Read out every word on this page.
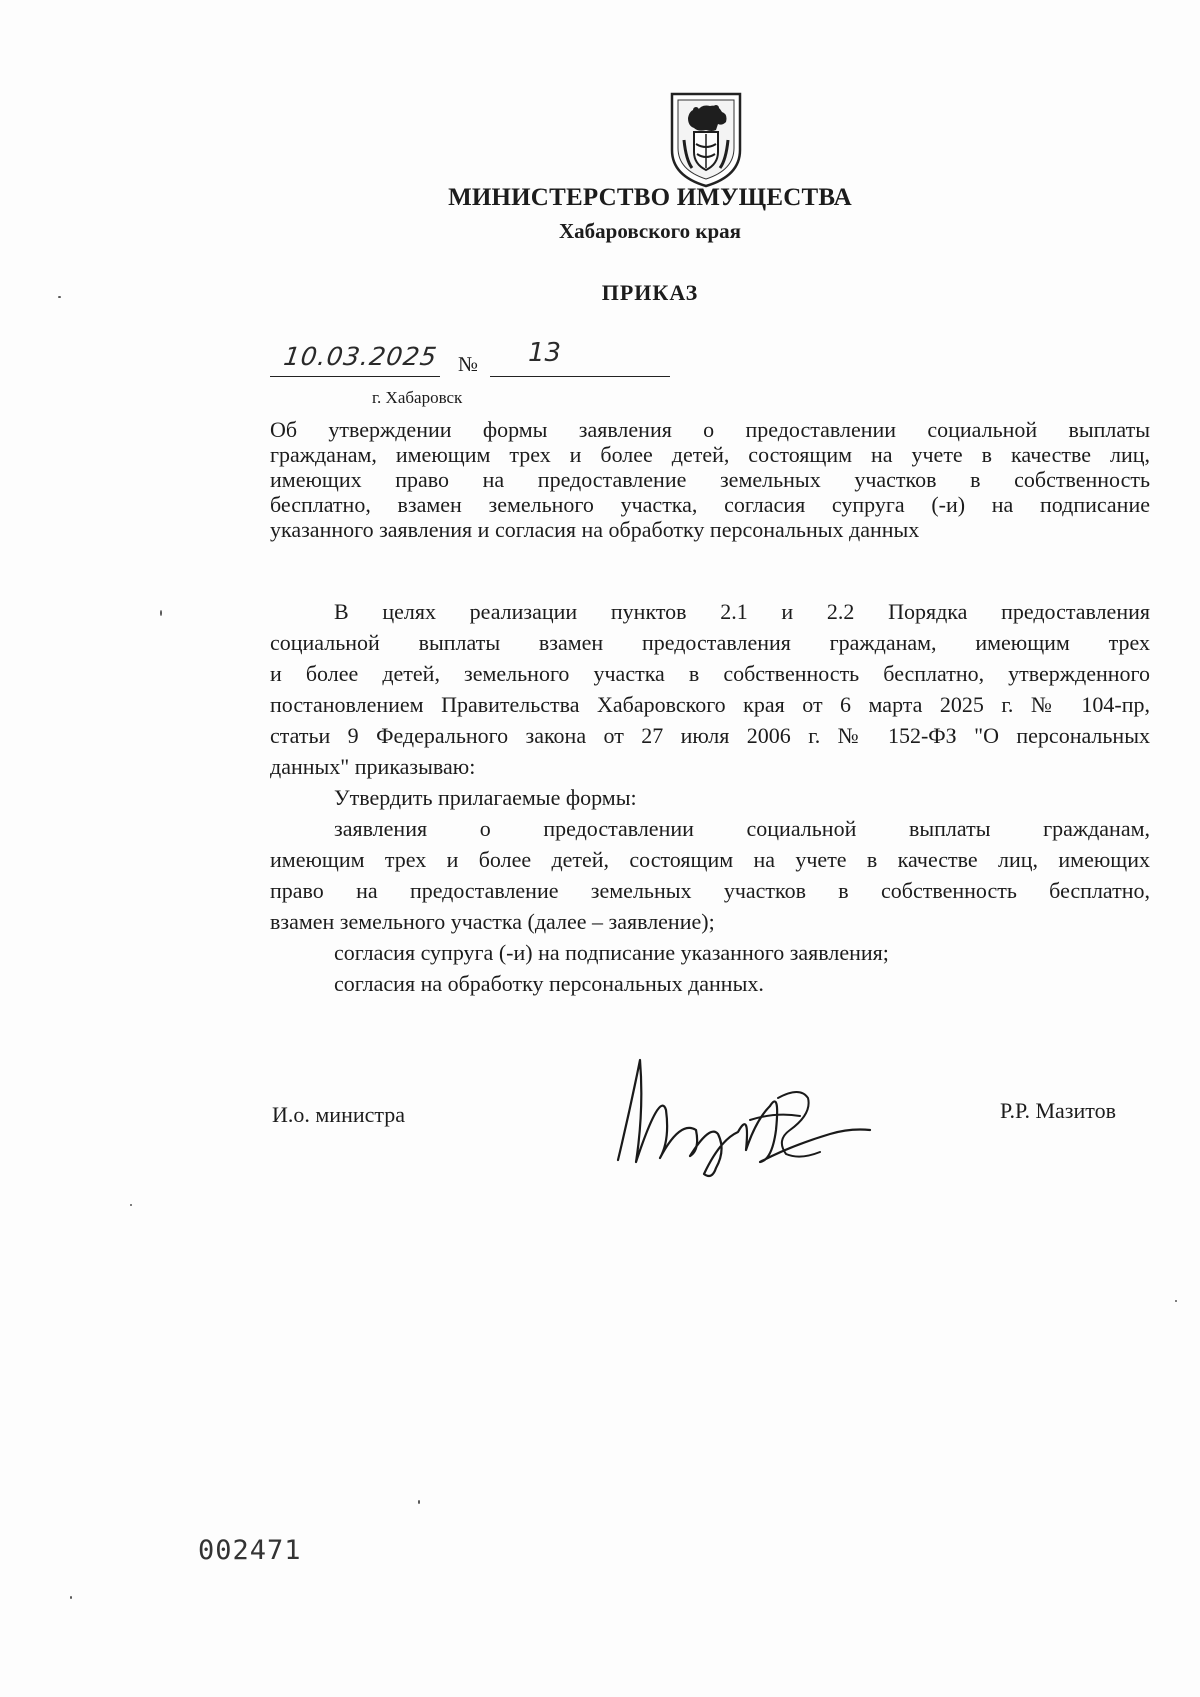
МИНИСТЕРСТВО ИМУЩЕСТВА
Хабаровского края
ПРИКАЗ
10.03.2025 № 13
г. Хабаровск
Об утверждении формы заявления о предоставлении социальной выплаты
гражданам, имеющим трех и более детей, состоящим на учете в качестве лиц,
имеющих право на предоставление земельных участков в собственность
бесплатно, взамен земельного участка, согласия супруга (-и) на подписание
указанного заявления и согласия на обработку персональных данных
В целях реализации пунктов 2.1 и 2.2 Порядка предоставления
социальной выплаты взамен предоставления гражданам, имеющим трех
и более детей, земельного участка в собственность бесплатно, утвержденного
постановлением Правительства Хабаровского края от 6 марта 2025 г. № 104-пр,
статьи 9 Федерального закона от 27 июля 2006 г. № 152-ФЗ "О персональных
данных" приказываю:
Утвердить прилагаемые формы:
заявления о предоставлении социальной выплаты гражданам,
имеющим трех и более детей, состоящим на учете в качестве лиц, имеющих
право на предоставление земельных участков в собственность бесплатно,
взамен земельного участка (далее – заявление);
согласия супруга (-и) на подписание указанного заявления;
согласия на обработку персональных данных.
И.о. министра	Р.Р. Мазитов
002471
